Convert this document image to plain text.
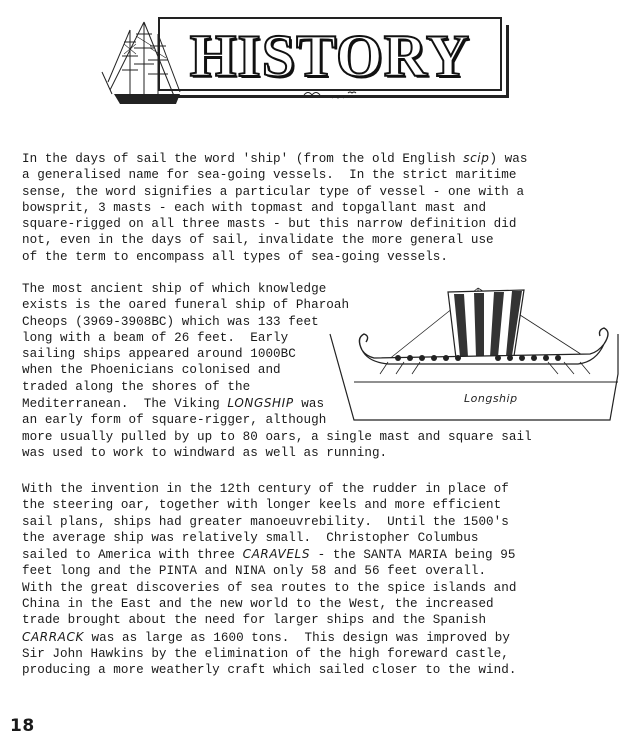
HISTORY
In the days of sail the word 'ship' (from the old English scip) was
a generalised name for sea-going vessels.  In the strict maritime
sense, the word signifies a particular type of vessel - one with a
bowsprit, 3 masts - each with topmast and topgallant mast and
square-rigged on all three masts - but this narrow definition did
not, even in the days of sail, invalidate the more general use
of the term to encompass all types of sea-going vessels.
The most ancient ship of which knowledge
exists is the oared funeral ship of Pharoah
Cheops (3969-3908BC) which was 133 feet
long with a beam of 26 feet.  Early
sailing ships appeared around 1000BC
when the Phoenicians colonised and
traded along the shores of the
Mediterranean.  The Viking LONGSHIP was
an early form of square-rigger, although
more usually pulled by up to 80 oars, a single mast and square sail
was used to work to windward as well as running.
Longship
With the invention in the 12th century of the rudder in place of
the steering oar, together with longer keels and more efficient
sail plans, ships had greater manoeuvrebility.  Until the 1500's
the average ship was relatively small.  Christopher Columbus
sailed to America with three CARAVELS - the SANTA MARIA being 95
feet long and the PINTA and NINA only 58 and 56 feet overall.
With the great discoveries of sea routes to the spice islands and
China in the East and the new world to the West, the increased
trade brought about the need for larger ships and the Spanish
CARRACK was as large as 1600 tons.  This design was improved by
Sir John Hawkins by the elimination of the high foreward castle,
producing a more weatherly craft which sailed closer to the wind.
18
